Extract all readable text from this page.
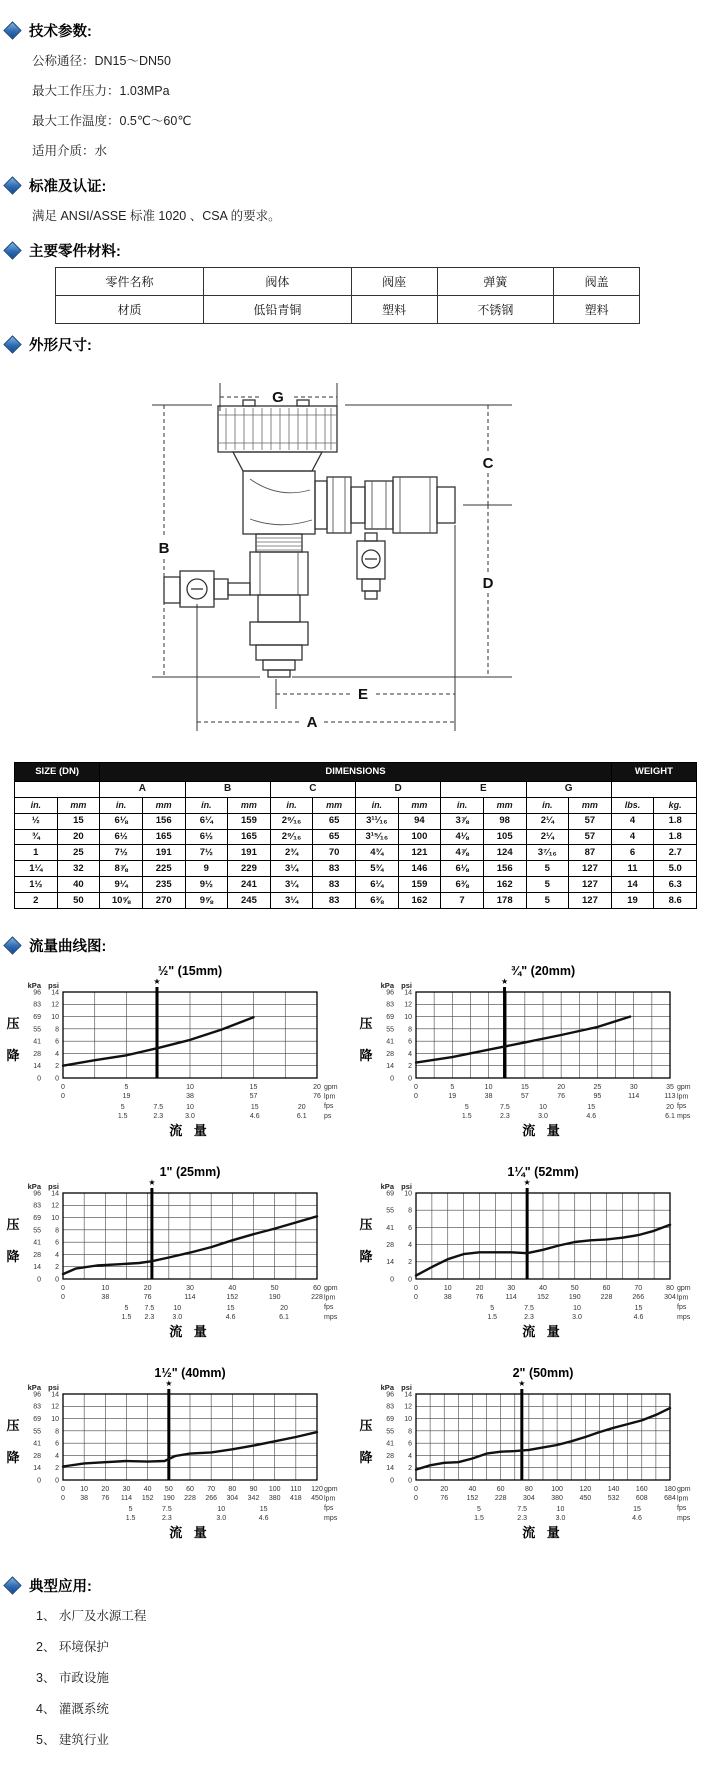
技术参数:

公称通径：DN15～DN50

最大工作压力：1.03MPa

最大工作温度：0.5℃～60℃

适用介质：水

标准及认证:

满足 ANSI/ASSE 标准 1020 、CSA 的要求。

主要零件材料:
零件名称	阀体	阀座	弹簧	阀盖
材质	低铅青铜	塑料	不锈钢	塑料
外形尺寸:
G
B
C
D
E
A
SIZE (DN)		DIMENSIONS												WEIGHT	
		A		B		C		D		E		G			
in.	mm	in.	mm	in.	mm	in.	mm	in.	mm	in.	mm	in.	mm	lbs.	kg.
½	15	6⅛	156	6¼	159	2⁹⁄₁₆	65	3¹¹⁄₁₆	94	3⅞	98	2¼	57	4	1.8
¾	20	6½	165	6½	165	2⁹⁄₁₆	65	3¹⁵⁄₁₆	100	4⅛	105	2¼	57	4	1.8
1	25	7½	191	7½	191	2¾	70	4¾	121	4⅞	124	3⁷⁄₁₆	87	6	2.7
1¼	32	8⅞	225	9	229	3¼	83	5¾	146	6⅛	156	5	127	11	5.0
1½	40	9¼	235	9½	241	3¼	83	6¼	159	6⅜	162	5	127	14	6.3
2	50	10⅝	270	9⅝	245	3¼	83	6⅜	162	7	178	5	127	19	8.6
流量曲线图:
½" (15mm)
kPa psi
96 14
83 12
69 10
55 8
41 6
28 4
14 2
0 0
压
降
0
0
5
19
10
38
15
57
20
76
5
1.5
7.5
2.3
10
3.0
15
4.6
20
6.1
gpm
lpm
fps
ps
★
流 量
¾" (20mm)
kPa psi
96 14
83 12
69 10
55 8
41 6
28 4
14 2
0 0
压
降
0
0
5
19
10
38
15
57
20
76
25
95
30
114
35
113
5
1.5
7.5
2.3
10
3.0
15
4.6
20
6.1
gpm
lpm
fps
mps
★
流 量
1" (25mm)
kPa psi
96 14
83 12
69 10
55 8
41 6
28 4
14 2
0 0
压
降
0
0
10
38
20
76
30
114
40
152
50
190
60
228
5
1.5
7.5
2.3
10
3.0
15
4.6
20
6.1
gpm
lpm
fps
mps
★
流 量
1¼" (52mm)
kPa psi
69 10
55 8
41 6
28 4
14 2
0 0
压
降
0
0
10
38
20
76
30
114
40
152
50
190
60
228
70
266
80
304
5
1.5
7.5
2.3
10
3.0
15
4.6
gpm
lpm
fps
mps
★
流 量
1½" (40mm)
kPa psi
96 14
83 12
69 10
55 8
41 6
28 4
14 2
0 0
压
降
0
0
10
38
20
76
30
114
40
152
50
190
60
228
70
266
80
304
90
342
100
380
110
418
120
450
5
1.5
7.5
2.3
10
3.0
15
4.6
gpm
lpm
fps
mps
★
流 量
2" (50mm)
kPa psi
96 14
83 12
69 10
55 8
41 6
28 4
14 2
0 0
压
降
0
0
20
76
40
152
60
228
80
304
100
380
120
450
140
532
160
608
180
684
5
1.5
7.5
2.3
10
3.0
15
4.6
gpm
lpm
fps
mps
★
流 量
典型应用:
1、 水厂及水源工程
2、 环境保护
3、 市政设施
4、 灌溉系统
5、 建筑行业
